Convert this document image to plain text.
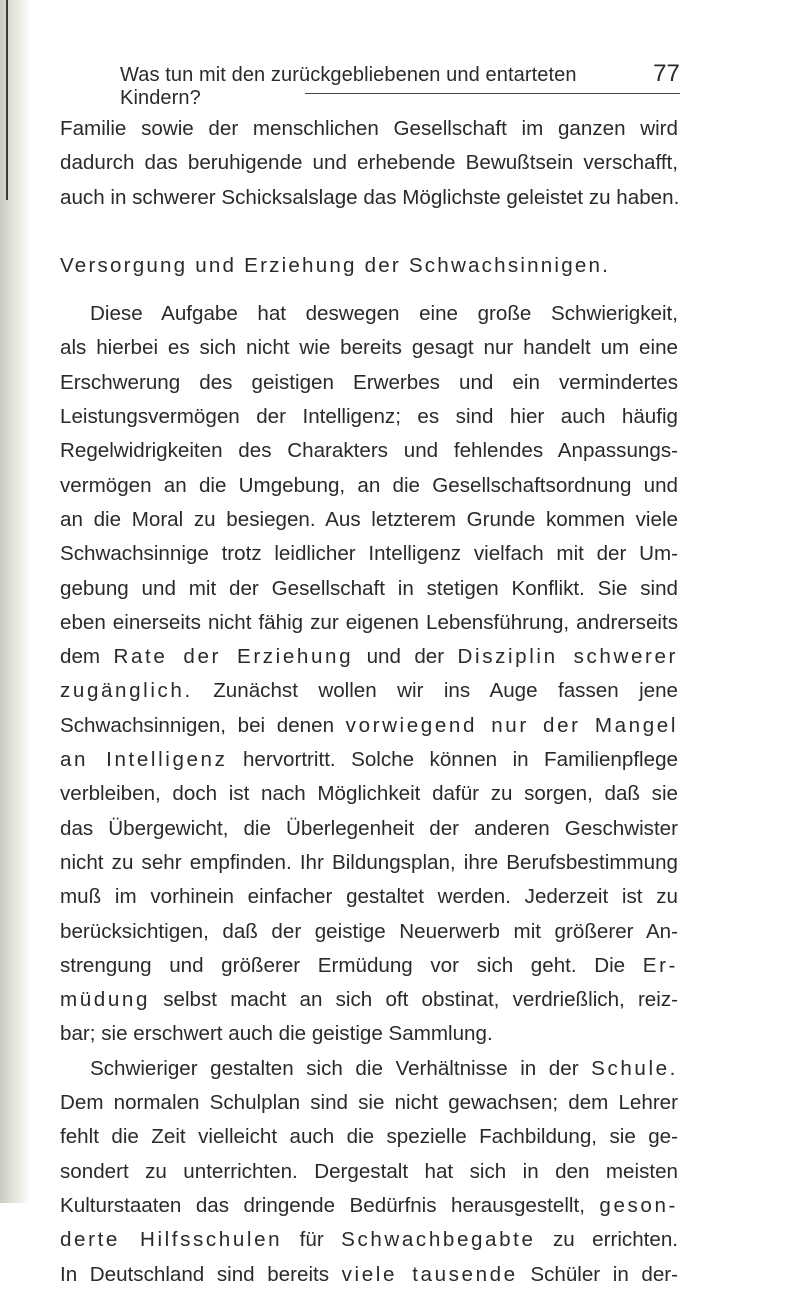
Was tun mit den zurückgebliebenen und entarteten Kindern?
77
Familie sowie der menschlichen Gesellschaft im ganzen wird
dadurch das beruhigende und erhebende Bewußtsein verschafft,
auch in schwerer Schicksalslage das Möglichste geleistet zu haben.
Versorgung und Erziehung der Schwachsinnigen.
Diese Aufgabe hat deswegen eine große Schwierigkeit,
als hierbei es sich nicht wie bereits gesagt nur handelt um eine
Erschwerung des geistigen Erwerbes und ein vermindertes
Leistungsvermögen der Intelligenz; es sind hier auch häufig
Regelwidrigkeiten des Charakters und fehlendes Anpassungs-
vermögen an die Umgebung, an die Gesellschaftsordnung und
an die Moral zu besiegen. Aus letzterem Grunde kommen viele
Schwachsinnige trotz leidlicher Intelligenz vielfach mit der Um-
gebung und mit der Gesellschaft in stetigen Konflikt. Sie sind
eben einerseits nicht fähig zur eigenen Lebensführung, andrerseits
dem Rate der Erziehung und der Disziplin schwerer
zugänglich. Zunächst wollen wir ins Auge fassen jene
Schwachsinnigen, bei denen vorwiegend nur der Mangel
an Intelligenz hervortritt. Solche können in Familienpflege
verbleiben, doch ist nach Möglichkeit dafür zu sorgen, daß sie
das Übergewicht, die Überlegenheit der anderen Geschwister
nicht zu sehr empfinden. Ihr Bildungsplan, ihre Berufsbestimmung
muß im vorhinein einfacher gestaltet werden. Jederzeit ist zu
berücksichtigen, daß der geistige Neuerwerb mit größerer An-
strengung und größerer Ermüdung vor sich geht. Die Er-
müdung selbst macht an sich oft obstinat, verdrießlich, reiz-
bar; sie erschwert auch die geistige Sammlung.
Schwieriger gestalten sich die Verhältnisse in der Schule.
Dem normalen Schulplan sind sie nicht gewachsen; dem Lehrer
fehlt die Zeit vielleicht auch die spezielle Fachbildung, sie ge-
sondert zu unterrichten. Dergestalt hat sich in den meisten
Kulturstaaten das dringende Bedürfnis herausgestellt, geson-
derte Hilfsschulen für Schwachbegabte zu errichten.
In Deutschland sind bereits viele tausende Schüler in der-
